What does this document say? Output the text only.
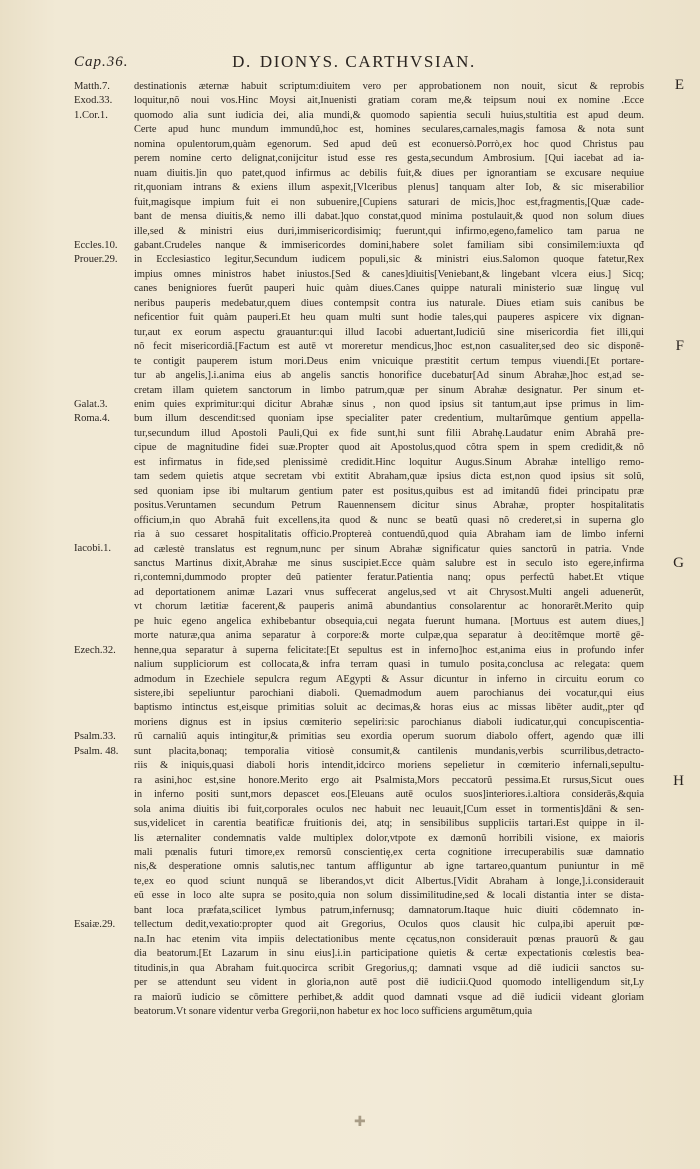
Cap.36.	D. DIONYS. CARTHVSIAN.
E
F
G
H
Matth.7.
Exod.33.
1.Cor.1.
Eccles.10.
Prouer.29.
Galat.3.
Roma.4.
Iacobi.1.
Ezech.32.
Psalm.33.
Psalm. 48.
Esaiæ.29.
destinationis æternæ habuit scriptum:diuitem vero per approbationem non nouit, sicut & reprobis
loquitur,nõ noui vos.Hinc Moysi ait,Inuenisti gratiam coram me,& teipsum noui ex nomine .Ecce
quomodo alia sunt iudicia dei, alia mundi,& quomodo sapientia seculi huius,stultitia est apud deum.
Certe apud hunc mundum immundũ,hoc est, homines seculares,carnales,magis famosa & nota sunt
nomina opulentorum,quàm egenorum. Sed apud deũ est econuersò.Porrò,ex hoc quod Christus pau
perem nomine certo delignat,conijcitur istud esse res gesta,secundum Ambrosium. [Qui iacebat ad ia-
nuam diuitis.]in quo patet,quod infirmus ac debilis fuit,& diues per ignorantiam se excusare nequiue
rit,quoniam intrans & exiens illum aspexit,[Vlceribus plenus] tanquam alter Iob, & sic miserabilior
fuit,magisque impium fuit ei non subuenire,[Cupiens saturari de micis,]hoc est,fragmentis,[Quæ cade-
bant de mensa diuitis,& nemo illi dabat.]quo constat,quod minima postulauit,& quod non solum diues
ille,sed & ministri eius duri,immisericordisimiq; fuerunt,qui infirmo,egeno,famelico tam parua ne
gabant.Crudeles nanque & immisericordes domini,habere solet familiam sibi consimilem:iuxta qđ
in Ecclesiastico legitur,Secundum iudicem populi,sic & ministri eius.Salomon quoque fatetur,Rex
impius omnes ministros habet iniustos.[Sed & canes]diuitis[Veniebant,& lingebant vlcera eius.] Sicq;
canes benigniores fuerũt pauperi huic quàm diues.Canes quippe naturali ministerio suæ linguę vul
neribus pauperis medebatur,quem diues contempsit contra ius naturale. Diues etiam suis canibus be
neficentior fuit quàm pauperi.Et heu quam multi sunt hodie tales,qui pauperes aspicere vix dignan-
tur,aut ex eorum aspectu grauantur:qui illud Iacobi aduertant,Iudiciũ sine misericordia fiet illi,qui
nõ fecit misericordiã.[Factum est autē vt moreretur mendicus,]hoc est,non casualiter,sed deo sic disponē-
te contigit pauperem istum mori.Deus enim vnicuique præstitit certum tempus viuendi.[Et portare-
tur ab angelis,].i.anima eius ab angelis sanctis honorifice ducebatur[Ad sinum Abrahæ,]hoc est,ad se-
cretam illam quietem sanctorum in limbo patrum,quæ per sinum Abrahæ designatur. Per sinum et-
enim quies exprimitur:qui dicitur Abrahæ sinus , non quod ipsius sit tantum,aut ipse primus in lim-
bum illum descendit:sed quoniam ipse specialiter pater credentium, multarũmque gentium appella-
tur,secundum illud Apostoli Pauli,Qui ex fide sunt,hi sunt filii Abrahę.Laudatur enim Abrahã pre-
cipue de magnitudine fidei suæ.Propter quod ait Apostolus,quod cõtra spem in spem credidit,& nõ
est infirmatus in fide,sed plenissimè credidit.Hinc loquitur Augus.Sinum Abrahæ intelligo remo-
tam sedem quietis atque secretam vbi extitit Abraham,quæ ipsius dicta est,non quod ipsius sit solũ,
sed quoniam ipse ibi multarum gentium pater est positus,quibus est ad imitandũ fidei principatu præ
positus.Veruntamen secundum Petrum Rauennensem dicitur sinus Abrahæ, propter hospitalitatis
officium,in quo Abrahã fuit excellens,ita quod & nunc se beatũ quasi nõ crederet,si in superna glo
ria à suo cessaret hospitalitatis officio.Proptereà contuendũ,quod quia Abraham iam de limbo inferni
ad cælestè translatus est regnum,nunc per sinum Abrahæ significatur quies sanctorũ in patria. Vnde
sanctus Martinus dixit,Abrahæ me sinus suscipiet.Ecce quàm salubre est in seculo isto egere,infirma
ri,contemni,dummodo propter deũ patienter feratur.Patientia nanq; opus perfectũ habet.Et vtique
ad deportationem animæ Lazari vnus suffecerat angelus,sed vt ait Chrysost.Multi angeli aduenerũt,
vt chorum lætitiæ facerent,& pauperis animã abundantius consolarentur ac honorarēt.Merito quip
pe huic egeno angelica exhibebantur obsequia,cui negata fuerunt humana. [Mortuus est autem diues,]
morte naturæ,qua anima separatur à corpore:& morte culpæ,qua separatur à deo:itēmque mortē gē-
henne,qua separatur à superna felicitate:[Et sepultus est in inferno]hoc est,anima eius in profundo infer
nalium suppliciorum est collocata,& infra terram quasi in tumulo posita,conclusa ac relegata: quem
admodum in Ezechiele sepulcra regum AEgypti & Assur dicuntur in inferno in circuitu eorum co
sistere,ibi sepeliuntur parochiani diaboli. Quemadmodum auem parochianus dei vocatur,qui eius
baptismo intinctus est,eisque primitias soluit ac decimas,& horas eius ac missas libēter audit,,pter qđ
moriens dignus est in ipsius cœmiterio sepeliri:sic parochianus diaboli iudicatur,qui concupiscentia-
rũ carnaliũ aquis intingitur,& primitias seu exordia operum suorum diabolo offert, agendo quæ illi
sunt placita,bonaq; temporalia vitiosè consumit,& cantilenis mundanis,verbis scurrilibus,detracto-
riis & iniquis,quasi diaboli horis intendit,idcirco moriens sepelietur in cœmiterio infernali,sepultu-
ra asini,hoc est,sine honore.Merito ergo ait Psalmista,Mors peccatorũ pessima.Et rursus,Sicut oues
in inferno positi sunt,mors depascet eos.[Eleuans autē oculos suos]interiores.i.altiora considerās,&quia
sola anima diuitis ibi fuit,corporales oculos nec habuit nec leuauit,[Cum esset in tormentis]dāni & sen-
sus,videlicet in carentia beatificæ fruitionis dei, atq; in sensibilibus suppliciis tartari.Est quippe in il-
lis æternaliter condemnatis valde multiplex dolor,vtpote ex dæmonũ horribili visione, ex maioris
mali pœnalis futuri timore,ex remorsũ conscientię,ex certa cognitione irrecuperabilis suæ damnatio
nis,& desperatione omnis salutis,nec tantum affliguntur ab igne tartareo,quantum puniuntur in mē
te,ex eo quod sciunt nunquã se liberandos,vt dicit Albertus.[Vidit Abraham à longe,].i.considerauit
eũ esse in loco alte supra se posito,quia non solum dissimilitudine,sed & locali distantia inter se dista-
bant loca præfata,scilicet lymbus patrum,infernusq; damnatorum.Itaque huic diuiti cōdemnato in-
tellectum dedit,vexatio:propter quod ait Gregorius, Oculos quos clausit hic culpa,ibi aperuit pœ-
na.In hac etenim vita impiis delectationibus mente cęcatus,non considerauit pœnas prauorũ & gau
dia beatorum.[Et Lazarum in sinu eius].i.in participatione quietis & certæ expectationis cœlestis bea-
titudinis,in qua Abraham fuit.quocirca scribit Gregorius,q; damnati vsque ad diē iudicii sanctos su-
per se attendunt seu vident in gloria,non autē post diē iudicii.Quod quomodo intelligendum sit,Ly
ra maiorū iudicio se cōmittere perhibet,& addit quod damnati vsque ad diē iudicii videant gloriam
beatorum.Vt sonare videntur verba Gregorii,non habetur ex hoc loco sufficiens argumētum,quia
✚
